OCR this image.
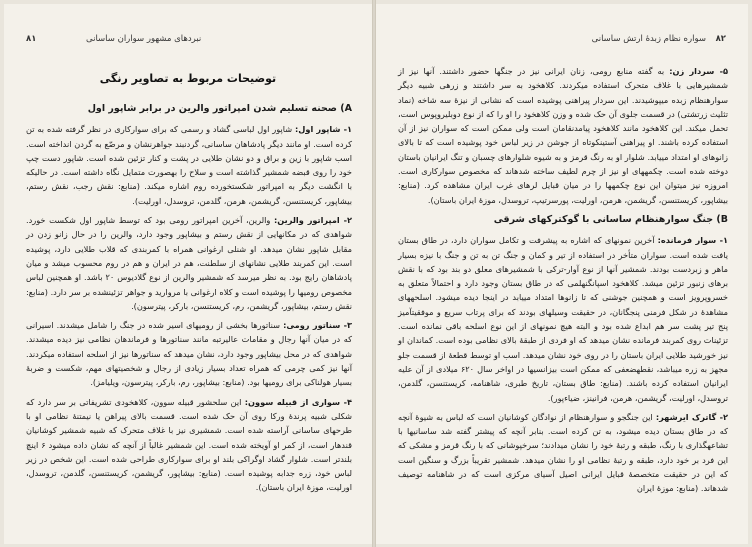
نبردهای مشهور سواران ساسانی
٨١
توضیحات مربوط به تصاویر رنگی
A) صحنه تسلیم شدن امپراتور والرین در برابر شاپور اول

۱- شاپور اول: شاپور اول لباسی گشاد و رسمی که برای سوارکاری در نظر گرفته شده به تن کرده است. او مانند دیگر پادشاهان ساسانی، گردنبند جواهرنشان و مرصّع به گردن انداخته است. اسب شاپور با زین و براق و دو نشان طلایی در پشت و کنار تزئین شده است. شاپور دست چپ خود را روی قبضه شمشیر گذاشته است و سلاح را بهصورت متمایل نگاه داشته است. در حالیکه با انگشت دیگر به امپراتور شکستخورده روم اشاره میکند. (منابع: نقش رجب، نقش رستم، بیشاپور، کریستنسن، گریشمن، هرمن، گلدمن، تروسدل، اورلیت).

۲- امپراتور والرین: والرین، آخرین امپراتور رومی بود که توسط شاپور اول شکست خورد. شواهدی که در مکانهایی از نقش رستم و بیشاپور وجود دارد، والرین را در حال زانو زدن در مقابل شاپور نشان میدهد. او شنلی ارغوانی همراه با کمربندی که قلاب طلایی دارد، پوشیده است. این کمربند طلایی نشانهای از سلطنت، هم در ایران و هم در روم محسوب میشد و میان پادشاهان رایج بود. به نظر میرسد که شمشیر والرین از نوع گلادیوس ۲۰ باشد. او همچنین لباس مخصوص رومیها را پوشیده است و کلاه ارغوانی با مروارید و جواهر تزئینشده بر سر دارد. (منابع: نقش رستم، بیشاپور، گریشمن، رم، کریستنسن، بارکر، پیترسون).

۳- سناتور رومی: سناتورها بخشی از رومیهای اسیر شده در جنگ را شامل میشدند. اسیرانی که در میان آنها رجال و مقامات عالیرتبه مانند سناتورها و فرماندهان نظامی نیز دیده میشدند. شواهدی که در محل بیشاپور وجود دارد، نشان میدهد که سناتورها نیز از اسلحه استفاده میکردند. آنها نیز کمی چرمی که همراه تعداد بسیار زیادی از رجال و شخصیتهای مهم، شکست و ضربهٔ بسیار هولناکی برای رومیها بود. (منابع: بیشاپور، رم، بارکر، پیترسون، ویلیامز).

۴- سواری از قبیله سوون: این سلحشور قبیله سوون، کلاهخودی تشریفاتی بر سر دارد که شکلی شبیه پرندهٔ ورکا روی آن حک شده است. قسمت بالای پیراهن یا نیمتنهٔ نظامی او با طرحهای ساسانی آراسته شده است. شمشیری نیز با غلاف متحرک که شبیه شمشیر کوشانیان قندهار است، از کمر او آویخته شده است. این شمشیر غالباً از آنچه که نشان داده میشود ۶ اینچ بلندتر است. شلوار گشاد اوگراکی بلند او برای سوارکاری طراحی شده است. این شخص در زیر لباس خود، زره جدابه پوشیده است. (منابع: بیشاپور، گریشمن، کریستنسن، گلدمن، تروسدل، اورلیت، موزهٔ ایران باستان).

٨٢
سواره نظام زبدهٔ ارتش ساسانی

۵- سردار زن: به گفته منابع رومی، زنان ایرانی نیز در جنگها حضور داشتند. آنها نیز از شمشیرهایی با غلاف متحرک استفاده میکردند. کلاهخود به سر داشتند و زرهی شبیه دیگر سوارهنظام زبده میپوشیدند. این سردار پیراهنی پوشیده است که نشانی از نیزهٔ سه شاخه (نماد تثلیث زرتشتی) در قسمت جلوی آن حک شده و وزن کلاهخود را او را که از نوع دوبلیروپوس است، تحمل میکند. این کلاهخود مانند کلاهخود پیامدنقامان است ولی ممکن است که سواران نیز از آن استفاده کرده باشند. او پیراهنی آستینکوتاه از جوشن در زیر لباس خود پوشیده است که تا بالای زانوهای او امتداد مییابد. شلوار او به رنگ قرمز و به شیوه شلوارهای چسبان و تنگ ایرانیان باستان دوخته شده است. چکمههای او نیز از چرم لطیف ساخته شدهاند که مخصوص سوارکاری است. امروزه نیز میتوان این نوع چکمهها را در میان قبایل لرهای غرب ایران مشاهده کرد. (منابع: بیشاپور، کریستنسن، گریشمن، هرمن، اورلیت، پورسرتیپ، تروسدل، موزهٔ ایران باستان).

B) جنگ سوارهنظام ساسانی با گوکترکهای شرقی

۱- سوار فرمانده: آخرین نمونهای که اشاره به پیشرفت و تکامل سواران دارد، در طاق بستان یافت شده است. سواران متأخر در استفاده از تیر و کمان و جنگ تن به تن و جنگ با نیزه بسیار ماهر و زبردست بودند. شمشیر آنها از نوع آوار-ترکی با شمشیرهای معلق دو بند بود که با نقش برهای زنبور تزئین میشد. کلاهخود اسپانگنهلمی که در طاق بستان وجود دارد و احتمالاً متعلق به خسروپرویز است و همچنین جوشنی که تا زانوها امتداد مییابد در اینجا دیده میشود. اسلحههای مشاهدهٔ در شکل فرمنی پنجگانان، در حقیقت وسیلهای بودند که برای پرتاب سریع و موفقیتآمیز پنج تیر پشت سر هم ابداع شده بود و البته هیچ نمونهای از این نوع اسلحه باقی نمانده است. تزئینات روی کمربند فرمانده نشان میدهد که او فردی از طبقهٔ بالای نظامی بوده است. کماندان او نیز خورشید طلایی ایران باستان را در روی خود نشان میدهد. اسب او توسط قطعهٔ از قسمت جلو مجهز به زره میباشد، نقطهضعفی که ممکن است بیزانسیها در اواخر سال ۶۲۰ میلادی از آن علیه ایرانیان استفاده کرده باشند. (منابع: طاق بستان، تاریخ طبری، شاهنامه، کریستنسن، گلدمن، تروسدل، اورلیت، گریشمن، هرمن، فرانینز، ضیاءپور).

۲- گاترک ایرشهر: این جنگجو و سوارهنظام از نوادگان کوشانیان است که لباس به شیوهٔ آنچه که در طاق بستان دیده میشود، به تن کرده است. بنابر آنچه که پیشتر گفته شد ساسانیها با تشاعهگذاری با رنگ، طبقه و رتبهٔ خود را نشان میدادند؛ سرخپوشانی که با رنگ قرمز و مشکی که این فرد بر خود دارد، طبقه و رتبهٔ نظامی او را نشان میدهد. شمشیر تقریباً بزرگ و سنگین است که این در حقیقت متخصصهٔ قبایل ایرانی اصیل آسیای مرکزی است که در شاهنامه توصیف شدهاند. (منابع: موزهٔ ایران
